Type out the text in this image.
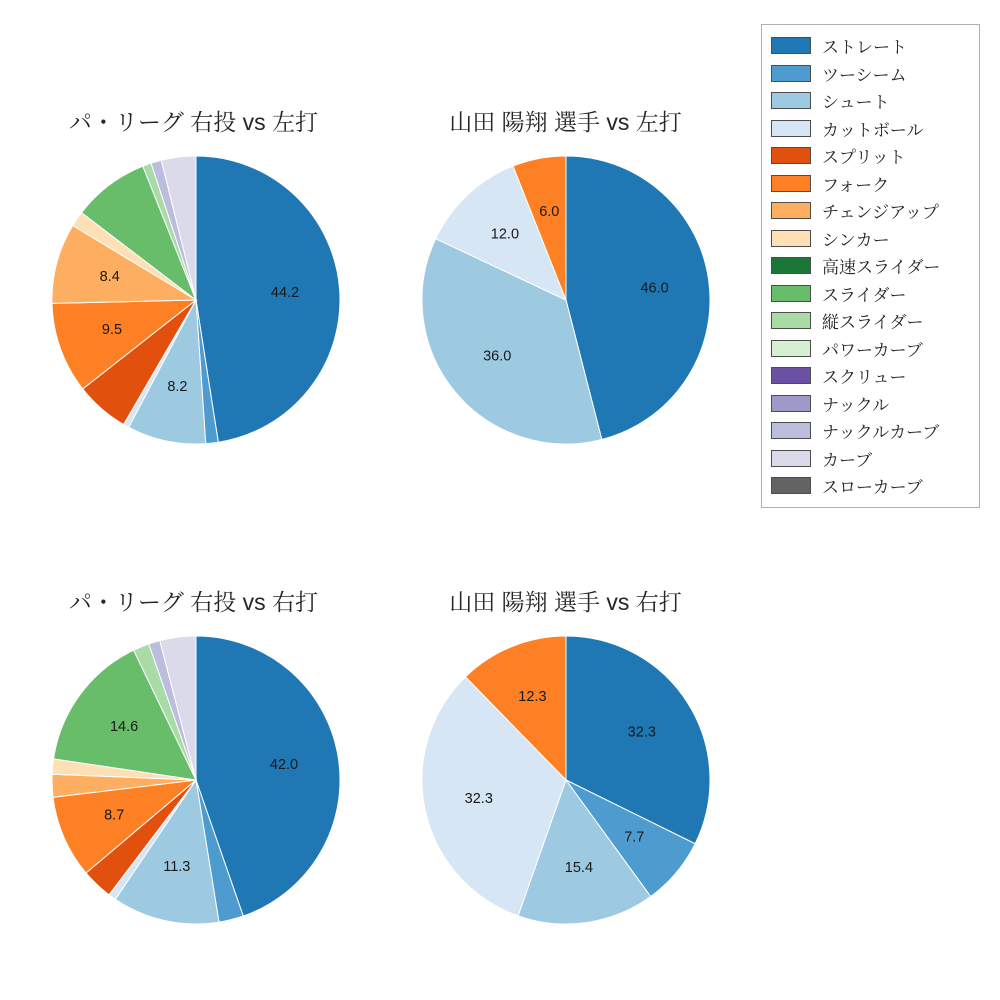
パ・リーグ 右投 vs 左打	山田 陽翔 選手 vs 左打
パ・リーグ 右投 vs 右打	山田 陽翔 選手 vs 右打
44.2
8.2
9.5
8.4
46.0
36.0
12.0
6.0
42.0
11.3
8.7
14.6	32.3
7.7
15.4
32.3
12.3
ストレート
ツーシーム
シュート
カットボール
スプリット
フォーク
チェンジアップ
シンカー
高速スライダー
スライダー
縦スライダー
パワーカーブ
スクリュー
ナックル
ナックルカーブ
カーブ
スローカーブ
